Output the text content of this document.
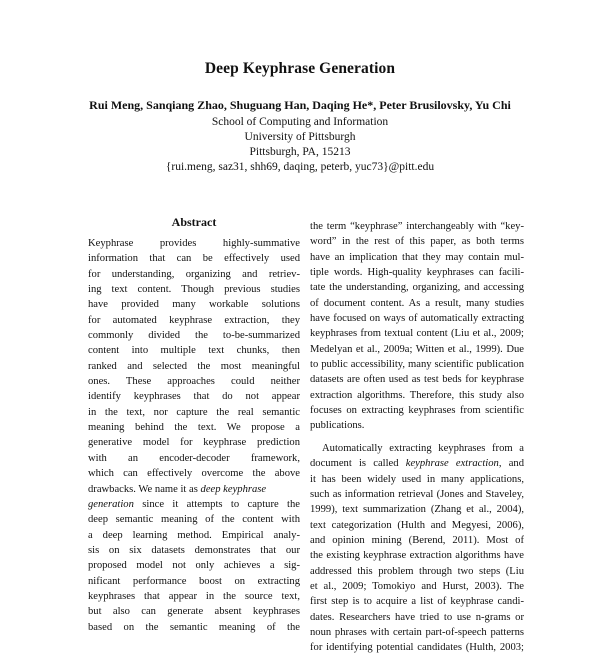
Deep Keyphrase Generation
Rui Meng, Sanqiang Zhao, Shuguang Han, Daqing He*, Peter Brusilovsky, Yu Chi
School of Computing and Information
University of Pittsburgh
Pittsburgh, PA, 15213
{rui.meng, saz31, shh69, daqing, peterb, yuc73}@pitt.edu
Abstract
Keyphrase provides highly-summative
information that can be effectively used
for understanding, organizing and retriev-
ing text content. Though previous studies
have provided many workable solutions
for automated keyphrase extraction, they
commonly divided the to-be-summarized
content into multiple text chunks, then
ranked and selected the most meaningful
ones. These approaches could neither
identify keyphrases that do not appear
in the text, nor capture the real semantic
meaning behind the text. We propose a
generative model for keyphrase prediction
with an encoder-decoder framework,
which can effectively overcome the above
drawbacks. We name it as deep keyphrase
generation since it attempts to capture the
deep semantic meaning of the content with
a deep learning method. Empirical analy-
sis on six datasets demonstrates that our
proposed model not only achieves a sig-
nificant performance boost on extracting
keyphrases that appear in the source text,
but also can generate absent keyphrases
based on the semantic meaning of the
the term “keyphrase” interchangeably with “key-
word” in the rest of this paper, as both terms
have an implication that they may contain mul-
tiple words. High-quality keyphrases can facili-
tate the understanding, organizing, and accessing
of document content. As a result, many studies
have focused on ways of automatically extracting
keyphrases from textual content (Liu et al., 2009;
Medelyan et al., 2009a; Witten et al., 1999). Due
to public accessibility, many scientific publication
datasets are often used as test beds for keyphrase
extraction algorithms. Therefore, this study also
focuses on extracting keyphrases from scientific
publications.
Automatically extracting keyphrases from a
document is called keyphrase extraction, and
it has been widely used in many applications,
such as information retrieval (Jones and Staveley,
1999), text summarization (Zhang et al., 2004),
text categorization (Hulth and Megyesi, 2006),
and opinion mining (Berend, 2011). Most of
the existing keyphrase extraction algorithms have
addressed this problem through two steps (Liu
et al., 2009; Tomokiyo and Hurst, 2003). The
first step is to acquire a list of keyphrase candi-
dates. Researchers have tried to use n-grams or
noun phrases with certain part-of-speech patterns
for identifying potential candidates (Hulth, 2003;
